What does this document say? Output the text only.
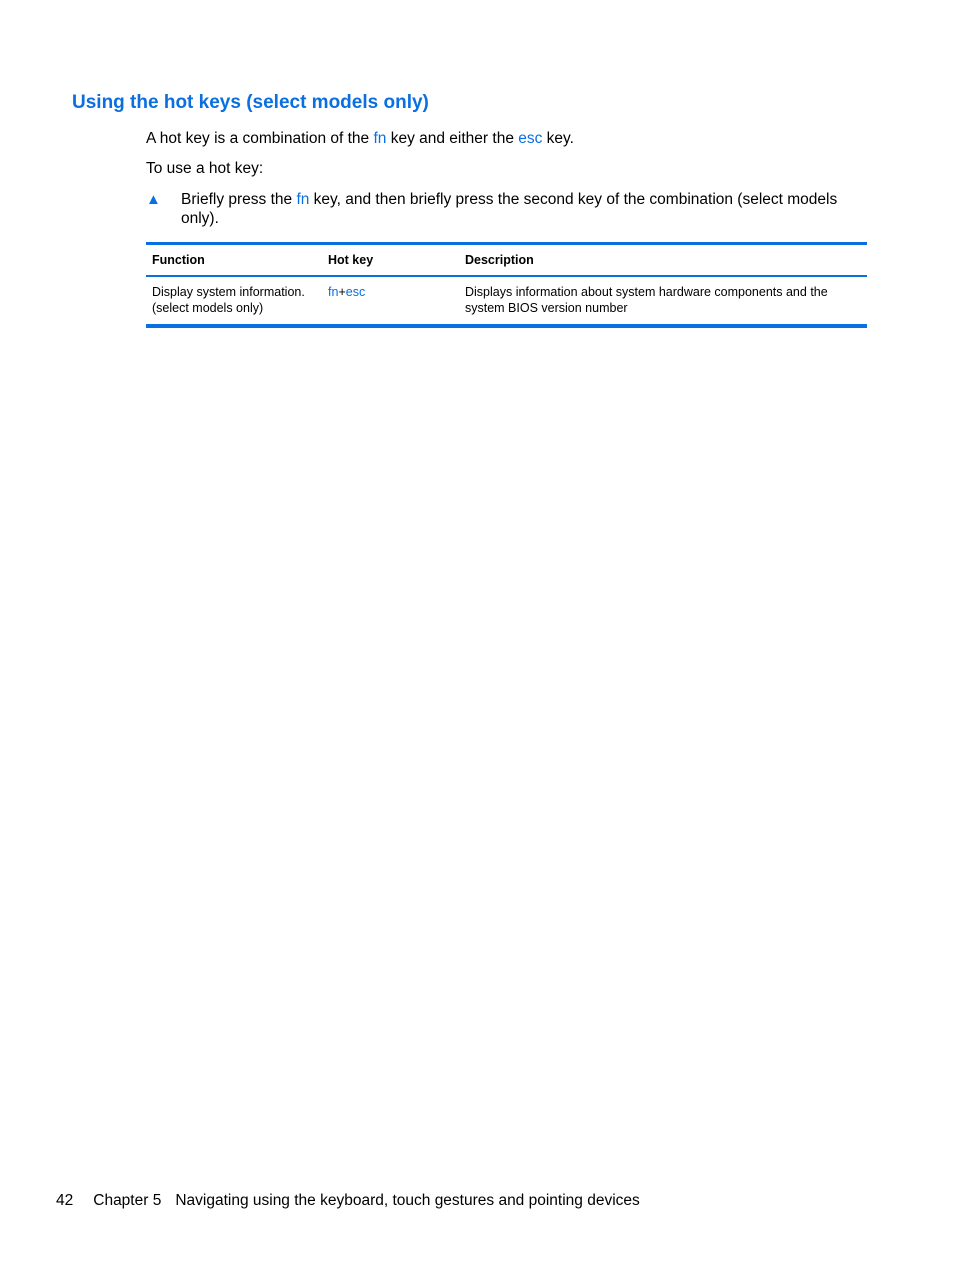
Using the hot keys (select models only)

A hot key is a combination of the fn key and either the esc key.

To use a hot key:

▲ Briefly press the fn key, and then briefly press the second key of the combination (select models only).
Function	Hot key	Description
Display system information. (select models only)	fn+esc	Displays information about system hardware components and the system BIOS version number
42 Chapter 5 Navigating using the keyboard, touch gestures and pointing devices
